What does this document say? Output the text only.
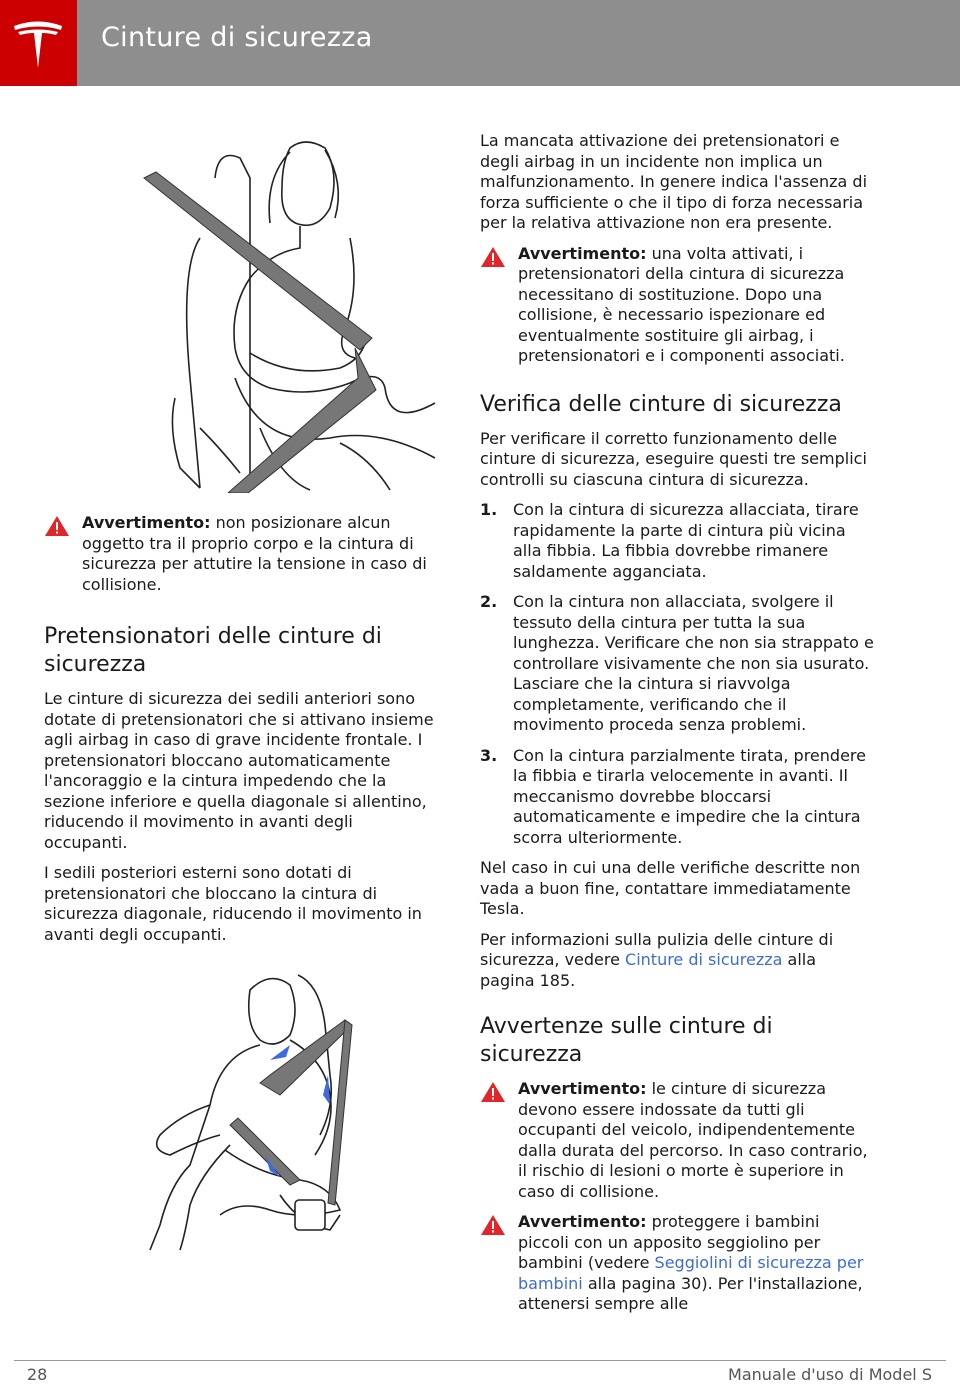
Cinture di sicurezza
Avvertimento: non posizionare alcun oggetto tra il proprio corpo e la cintura di sicurezza per attutire la tensione in caso di collisione.
Pretensionatori delle cinture di sicurezza

Le cinture di sicurezza dei sedili anteriori sono dotate di pretensionatori che si attivano insieme agli airbag in caso di grave incidente frontale. I pretensionatori bloccano automaticamente l'ancoraggio e la cintura impedendo che la sezione inferiore e quella diagonale si allentino, riducendo il movimento in avanti degli occupanti.

I sedili posteriori esterni sono dotati di pretensionatori che bloccano la cintura di sicurezza diagonale, riducendo il movimento in avanti degli occupanti.

La mancata attivazione dei pretensionatori e degli airbag in un incidente non implica un malfunzionamento. In genere indica l'assenza di forza sufficiente o che il tipo di forza necessaria per la relativa attivazione non era presente.

Avvertimento: una volta attivati, i pretensionatori della cintura di sicurezza necessitano di sostituzione. Dopo una collisione, è necessario ispezionare ed eventualmente sostituire gli airbag, i pretensionatori e i componenti associati.
Verifica delle cinture di sicurezza

Per verificare il corretto funzionamento delle cinture di sicurezza, eseguire questi tre semplici controlli su ciascuna cintura di sicurezza.

1. Con la cintura di sicurezza allacciata, tirare rapidamente la parte di cintura più vicina alla fibbia. La fibbia dovrebbe rimanere saldamente agganciata.
2. Con la cintura non allacciata, svolgere il tessuto della cintura per tutta la sua lunghezza. Verificare che non sia strappato e controllare visivamente che non sia usurato. Lasciare che la cintura si riavvolga completamente, verificando che il movimento proceda senza problemi.
3. Con la cintura parzialmente tirata, prendere la fibbia e tirarla velocemente in avanti. Il meccanismo dovrebbe bloccarsi automaticamente e impedire che la cintura scorra ulteriormente.

Nel caso in cui una delle verifiche descritte non vada a buon fine, contattare immediatamente Tesla.

Per informazioni sulla pulizia delle cinture di sicurezza, vedere Cinture di sicurezza alla pagina 185.

Avvertenze sulle cinture di sicurezza
Avvertimento: le cinture di sicurezza devono essere indossate da tutti gli occupanti del veicolo, indipendentemente dalla durata del percorso. In caso contrario, il rischio di lesioni o morte è superiore in caso di collisione.
Avvertimento: proteggere i bambini piccoli con un apposito seggiolino per bambini (vedere Seggiolini di sicurezza per bambini alla pagina 30). Per l'installazione, attenersi sempre alle
28	Manuale d'uso di Model S
